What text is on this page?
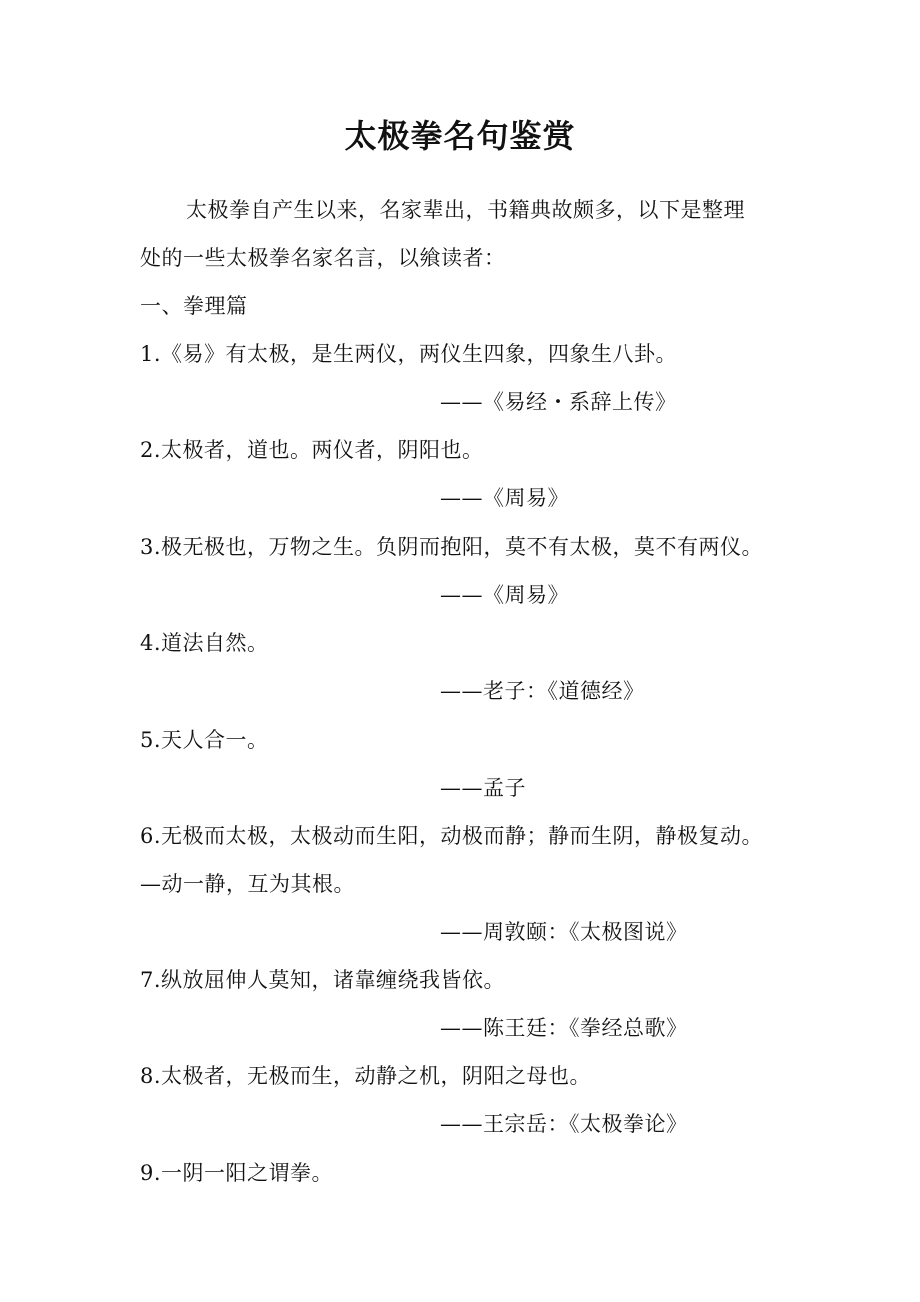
太极拳名句鉴赏
太极拳自产生以来，名家辈出，书籍典故颇多，以下是整理
处的一些太极拳名家名言，以飨读者：
一、拳理篇
1.《易》有太极，是生两仪，两仪生四象，四象生八卦。
——《易经・系辞上传》
2.太极者，道也。两仪者，阴阳也。
——《周易》
3.极无极也，万物之生。负阴而抱阳，莫不有太极，莫不有两仪。
——《周易》
4.道法自然。
——老子：《道德经》
5.天人合一。
——孟子
6.无极而太极，太极动而生阳，动极而静；静而生阴，静极复动。
—动一静，互为其根。
——周敦颐：《太极图说》
7.纵放屈伸人莫知，诸靠缠绕我皆依。
——陈王廷：《拳经总歌》
8.太极者，无极而生，动静之机，阴阳之母也。
——王宗岳：《太极拳论》
9.一阴一阳之谓拳。
